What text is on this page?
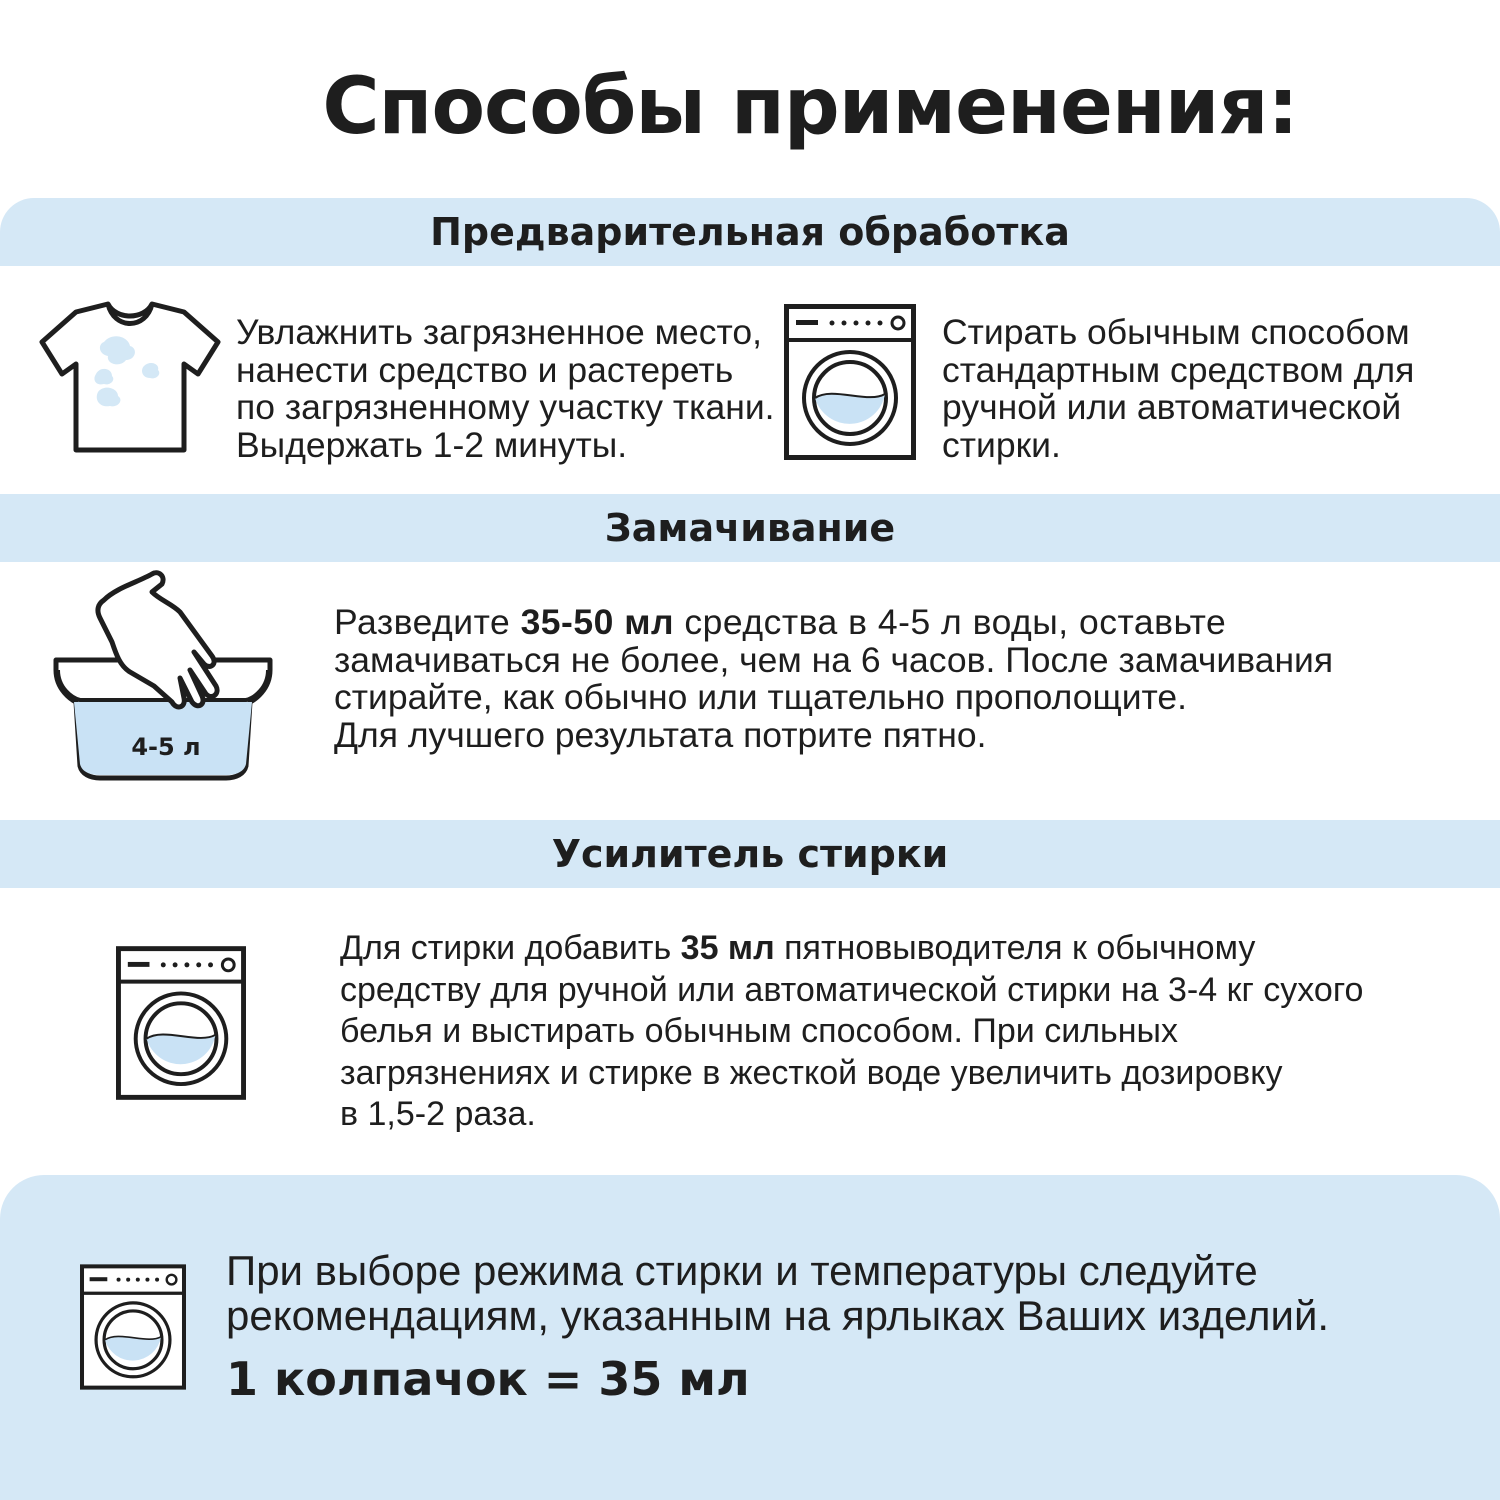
Способы применения:
Предварительная обработка
Увлажнить загрязненное место,
нанести средство и растереть
по загрязненному участку ткани.
Выдержать 1-2 минуты.
Стирать обычным способом
стандартным средством для
ручной или автоматической
стирки.
Замачивание
4-5 л
Разведите 35-50 мл средства в 4-5 л воды, оставьте
замачиваться не более, чем на 6 часов. После замачивания
стирайте, как обычно или тщательно прополощите.
Для лучшего результата потрите пятно.
Усилитель стирки
Для стирки добавить 35 мл пятновыводителя к обычному
средству для ручной или автоматической стирки на 3-4 кг сухого
белья и выстирать обычным способом. При сильных
загрязнениях и стирке в жесткой воде увеличить дозировку
в 1,5-2 раза.
При выборе режима стирки и температуры следуйте
рекомендациям, указанным на ярлыках Ваших изделий.
1 колпачок = 35 мл
